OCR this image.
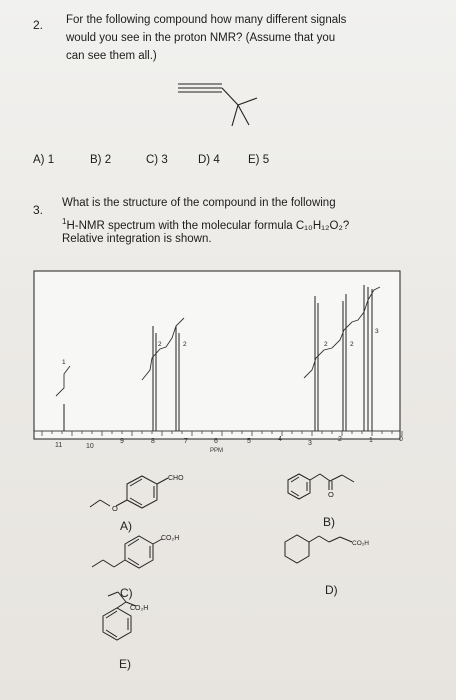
2. For the following compound how many different signals
would you see in the proton NMR? (Assume that you
can see them all.)
A) 1	B) 2	C) 3	D) 4 E) 5
3. What is the structure of the compound in the following
$^1$H-NMR spectrum with the molecular formula C₁₀H₁₂O₂?
Relative integration is shown.
11	10
9	8	7	6	5	4
3
2	1	0
PPM
1
2	2	2	2
3
O
CHO
A)
O
B)
CO₂H
C)
CO₂H
D)
CO₂H
E)
